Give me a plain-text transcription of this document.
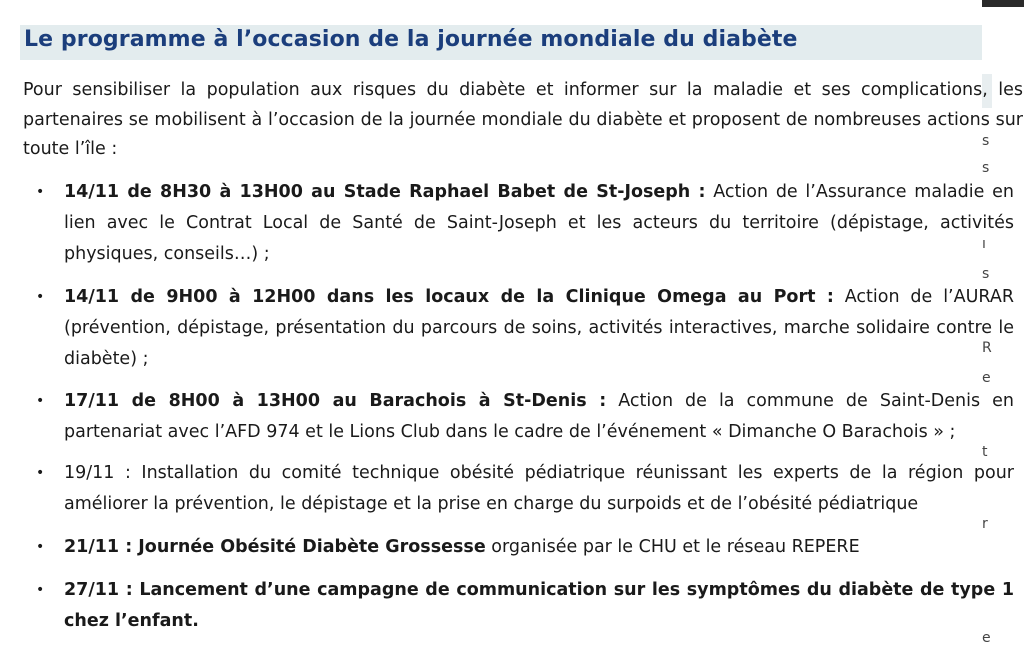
Le programme à l’occasion de la journée mondiale du diabète

Pour sensibiliser la population aux risques du diabète et informer sur la maladie et ses complications, les partenaires se mobilisent à l’occasion de la journée mondiale du diabète et proposent de nombreuses actions sur toute l’île :

• 14/11 de 8H30 à 13H00 au Stade Raphael Babet de St-Joseph : Action de l’Assurance maladie en lien avec le Contrat Local de Santé de Saint-Joseph et les acteurs du territoire (dépistage, activités physiques, conseils…) ;
• 14/11 de 9H00 à 12H00 dans les locaux de la Clinique Omega au Port : Action de l’AURAR (prévention, dépistage, présentation du parcours de soins, activités interactives, marche solidaire contre le diabète) ;
• 17/11 de 8H00 à 13H00 au Barachois à St-Denis : Action de la commune de Saint-Denis en partenariat avec l’AFD 974 et le Lions Club dans le cadre de l’événement « Dimanche O Barachois » ;
• 19/11 : Installation du comité technique obésité pédiatrique réunissant les experts de la région pour améliorer la prévention, le dépistage et la prise en charge du surpoids et de l’obésité pédiatrique
• 21/11 : Journée Obésité Diabète Grossesse organisée par le CHU et le réseau REPERE
• 27/11 : Lancement d’une campagne de communication sur les symptômes du diabète de type 1 chez l’enfant.
s
s
ı
s
R
e
t
r
e
